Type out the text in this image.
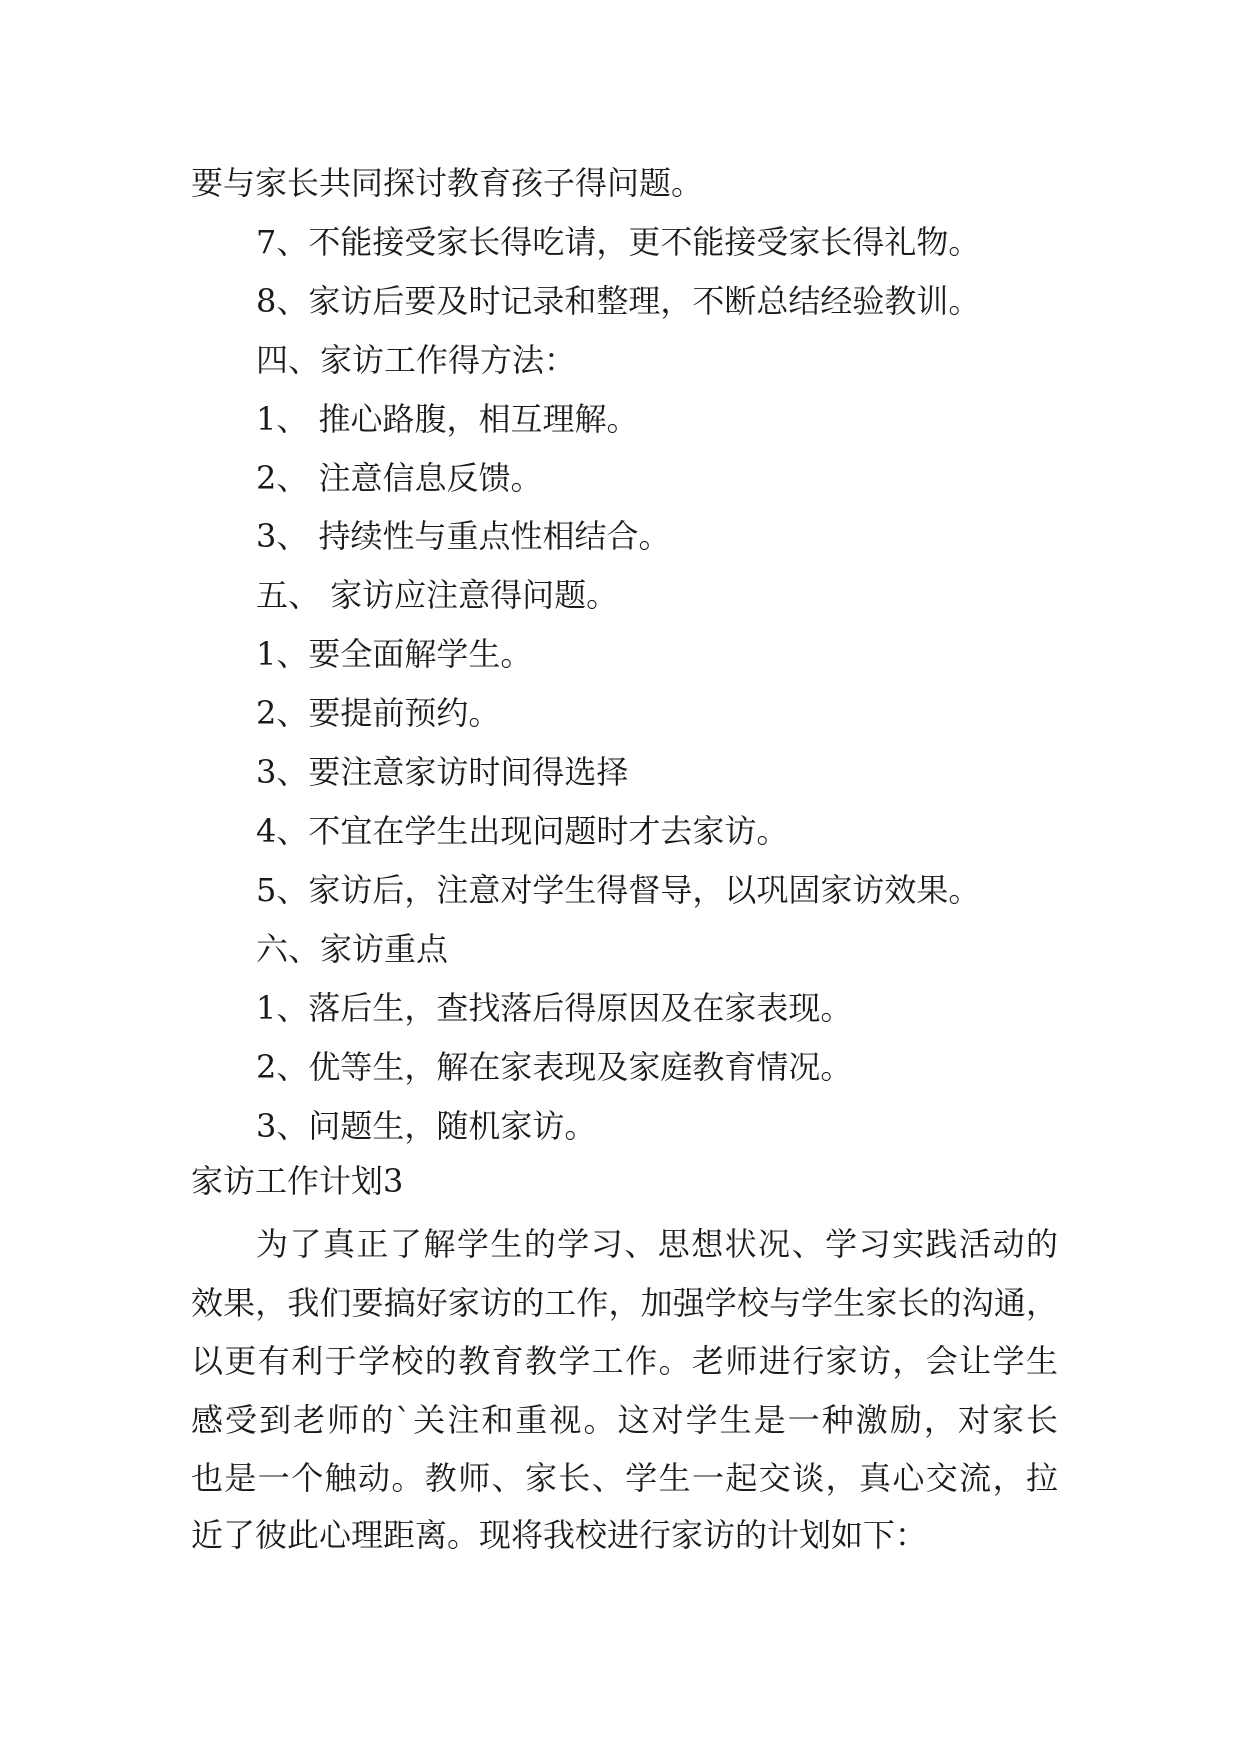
要与家长共同探讨教育孩子得问题。
7、不能接受家长得吃请，更不能接受家长得礼物。
8、家访后要及时记录和整理，不断总结经验教训。
四、家访工作得方法：
1、 推心路腹，相互理解。
2、 注意信息反馈。
3、 持续性与重点性相结合。
五、 家访应注意得问题。
1、要全面解学生。
2、要提前预约。
3、要注意家访时间得选择
4、不宜在学生出现问题时才去家访。
5、家访后，注意对学生得督导，以巩固家访效果。
六、家访重点
1、落后生，查找落后得原因及在家表现。
2、优等生，解在家表现及家庭教育情况。
3、问题生，随机家访。
家访工作计划3
为了真正了解学生的学习、思想状况、学习实践活动的
效果，我们要搞好家访的工作，加强学校与学生家长的沟通，
以更有利于学校的教育教学工作。老师进行家访，会让学生
感受到老师的`关注和重视。这对学生是一种激励，对家长
也是一个触动。教师、家长、学生一起交谈，真心交流，拉
近了彼此心理距离。现将我校进行家访的计划如下：
